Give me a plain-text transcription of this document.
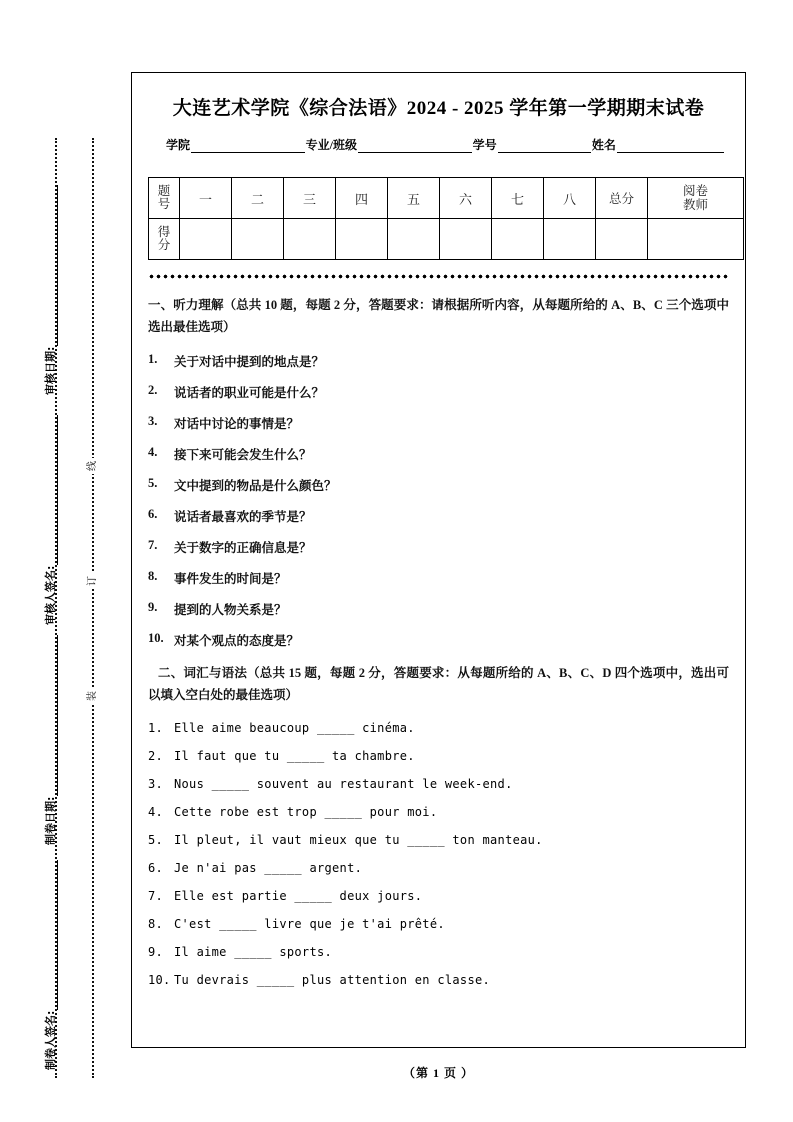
线
订
装
审核日期:
审核人签名:
制卷日期:
制卷人签名:
大连艺术学院《综合法语》2024 - 2025 学年第一学期期末试卷
学院	专业/班级	学号	姓名
题
号	一	二	三	四	五	六	七	八	总分	阅卷
教师

得
分										

一、听力理解（总共 10 题，每题 2 分，答题要求：请根据所听内容，从每题所给的 A、B、C 三个选项中选出最佳选项）
1.	关于对话中提到的地点是？
2.	说话者的职业可能是什么？
3.	对话中讨论的事情是？
4.	接下来可能会发生什么？
5.	文中提到的物品是什么颜色？
6.	说话者最喜欢的季节是？
7.	关于数字的正确信息是？
8.	事件发生的时间是？
9.	提到的人物关系是？
10. 对某个观点的态度是？
二、词汇与语法（总共 15 题，每题 2 分，答题要求：从每题所给的 A、B、C、D 四个选项中，选出可以填入空白处的最佳选项）
1. Elle aime beaucoup _____ cinéma.
2. Il faut que tu _____ ta chambre.
3. Nous _____ souvent au restaurant le week-end.
4. Cette robe est trop _____ pour moi.
5. Il pleut, il vaut mieux que tu _____ ton manteau.
6. Je n'ai pas _____ argent.
7. Elle est partie _____ deux jours.
8. C'est _____ livre que je t'ai prêté.
9. Il aime _____ sports.
10. Tu devrais _____ plus attention en classe.
（第 1 页 ）
